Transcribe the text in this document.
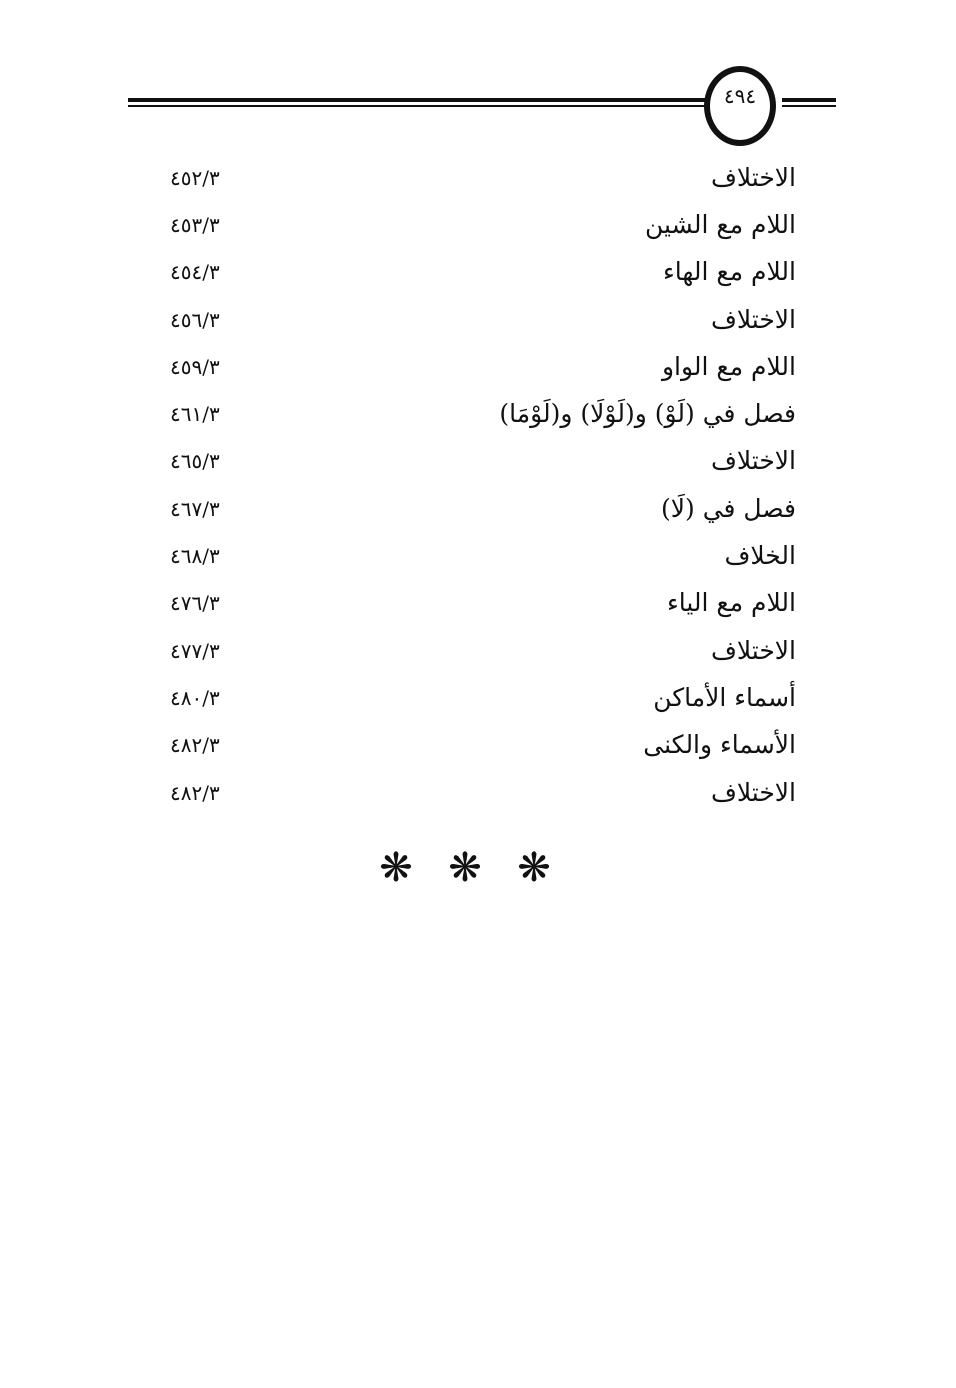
٤٩٤
الاختلاف
٤٥٢/٣
اللام مع الشين
٤٥٣/٣
اللام مع الهاء
٤٥٤/٣
الاختلاف
٤٥٦/٣
اللام مع الواو
٤٥٩/٣
فصل في (لَوْ) و(لَوْلَا) و(لَوْمَا)
٤٦١/٣
الاختلاف
٤٦٥/٣
فصل في (لَا)
٤٦٧/٣
الخلاف
٤٦٨/٣
اللام مع الياء
٤٧٦/٣
الاختلاف
٤٧٧/٣
أسماء الأماكن
٤٨٠/٣
الأسماء والكنى
٤٨٢/٣
الاختلاف
٤٨٢/٣
❋ ❋ ❋
